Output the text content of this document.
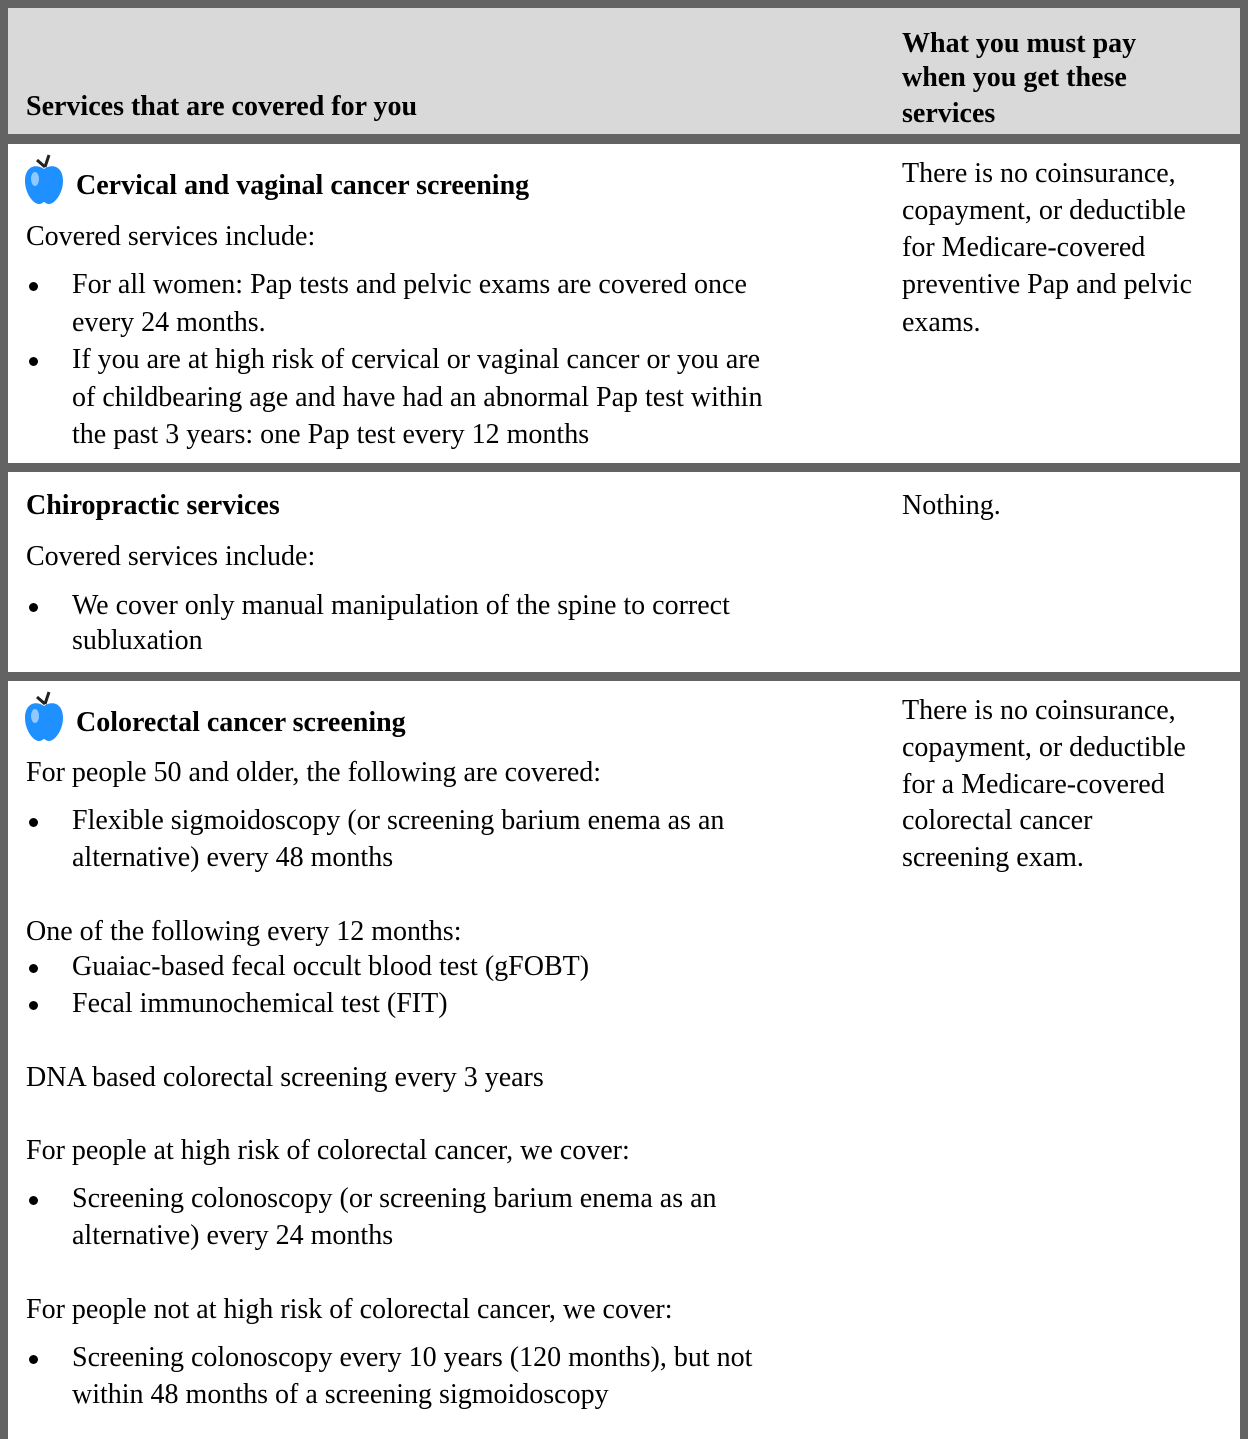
Services that are covered for you
What you must pay
when you get these
services
Cervical and vaginal cancer screening
Covered services include:
For all women: Pap tests and pelvic exams are covered once
every 24 months.
If you are at high risk of cervical or vaginal cancer or you are
of childbearing age and have had an abnormal Pap test within
the past 3 years: one Pap test every 12 months
There is no coinsurance,
copayment, or deductible
for Medicare-covered
preventive Pap and pelvic
exams.
Chiropractic services
Covered services include:
We cover only manual manipulation of the spine to correct
subluxation
Nothing.
Colorectal cancer screening
For people 50 and older, the following are covered:
Flexible sigmoidoscopy (or screening barium enema as an
alternative) every 48 months
One of the following every 12 months:
Guaiac-based fecal occult blood test (gFOBT)
Fecal immunochemical test (FIT)
DNA based colorectal screening every 3 years
For people at high risk of colorectal cancer, we cover:
Screening colonoscopy (or screening barium enema as an
alternative) every 24 months
For people not at high risk of colorectal cancer, we cover:
Screening colonoscopy every 10 years (120 months), but not
within 48 months of a screening sigmoidoscopy
There is no coinsurance,
copayment, or deductible
for a Medicare-covered
colorectal cancer
screening exam.
